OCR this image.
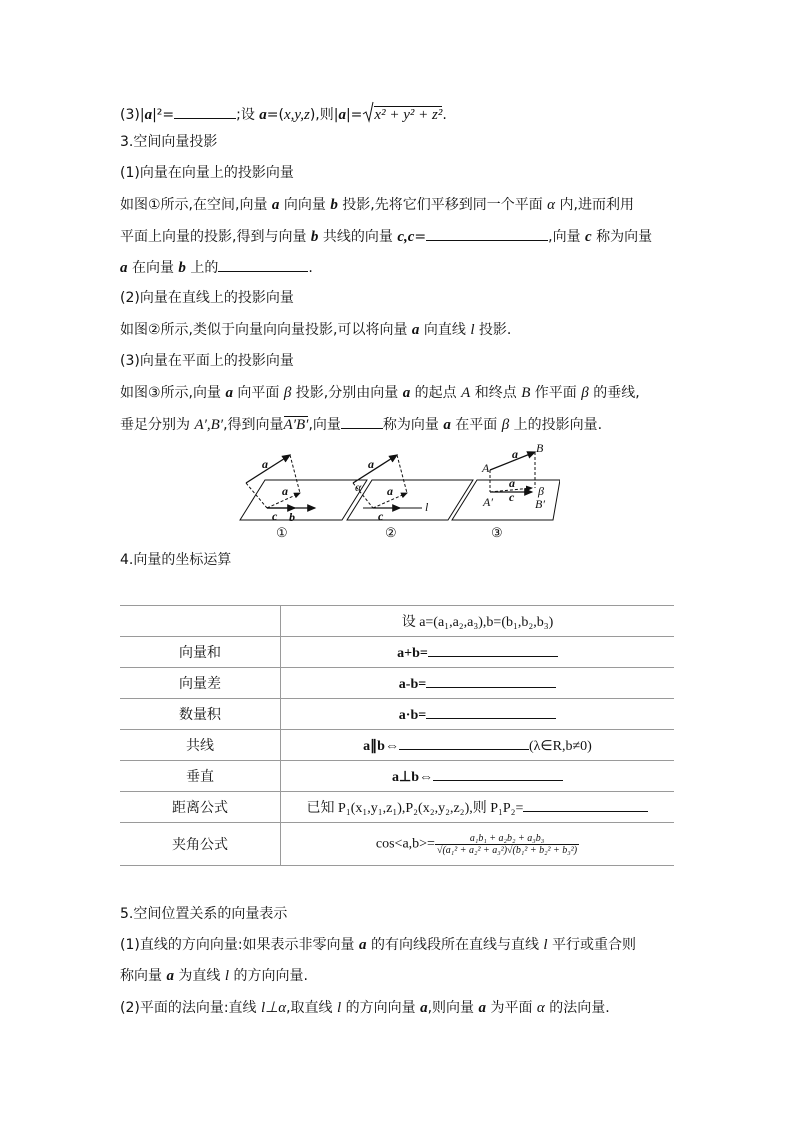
(3)|a|²=	;设 a=(x,y,z),则|a|= x² + y² + z².
3.空间向量投影
(1)向量在向量上的投影向量
如图①所示,在空间,向量 a 向向量 b 投影,先将它们平移到同一个平面 α 内,进而利用
平面上向量的投影,得到与向量 b 共线的向量 c,c=	,向量 c 称为向量
a 在向量 b 上的	.
(2)向量在直线上的投影向量
如图②所示,类似于向量向向量投影,可以将向量 a 向直线 l 投影.
(3)向量在平面上的投影向量
如图③所示,向量 a 向平面 β 投影,分别由向量 a 的起点 A 和终点 B 作平面 β 的垂线,
垂足分别为 A′,B′,得到向量A′B′,向量	称为向量 a 在平面 β 上的投影向量.
a
a
c b
α
a
a
c
l
A
B
a
a
A′	B′
c β
①	②	③
4.向量的坐标运算
	设 a=(a₁,a₂,a₃),b=(b₁,b₂,b₃)
向量和	a+b=
向量差	a-b=
数量积	a·b=
共线	a∥b⇔ (λ∈R,b≠0)
垂直	a⊥b⇔
距离公式	已知 P₁(x₁,y₁,z₁),P₂(x₂,y₂,z₂),则 P₁P₂=
夹角公式	$\cos<a,b>= \frac{\text{a₁b₁ + a₂b₂ + a₃b₃}}{\text{√(a₁² + a₂² + a₃²)√(b₁² + b₂² + b₃²)}}$
5.空间位置关系的向量表示
(1)直线的方向向量:如果表示非零向量 a 的有向线段所在直线与直线 l 平行或重合则
称向量 a 为直线 l 的方向向量.
(2)平面的法向量:直线 l⊥α,取直线 l 的方向向量 a,则向量 a 为平面 α 的法向量.
